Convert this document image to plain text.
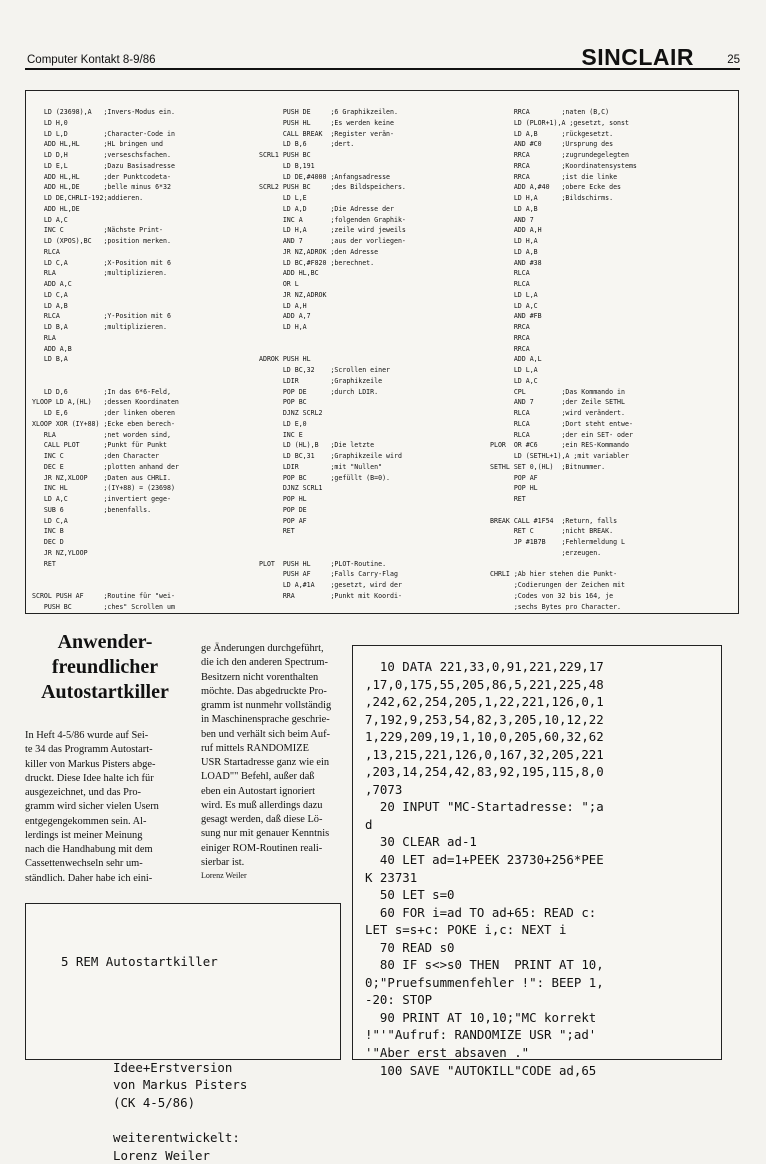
Computer Kontakt 8-9/86	SINCLAIR	25
LD (23698),A   ;Invers-Modus ein.
LD H,0
LD L,D         ;Character-Code in
ADD HL,HL      ;HL bringen und
LD D,H         ;verseschsfachen.
LD E,L         ;Dazu Basisadresse
ADD HL,HL      ;der Punktcodeta-
ADD HL,DE      ;belle minus 6*32
LD DE,CHRLI-192;addieren.
ADD HL,DE
LD A,C
INC C          ;Nächste Print-
LD (XPOS),BC   ;position merken.
RLCA
LD C,A         ;X-Position mit 6
RLA            ;multiplizieren.
ADD A,C
LD C,A
LD A,B
RLCA           ;Y-Position mit 6
LD B,A         ;multiplizieren.
RLA
ADD A,B
LD B,A
LD D,6         ;In das 6*6-Feld,
YLOOP LD A,(HL)   ;dessen Koordinaten
LD E,6         ;der linken oberen
XLOOP XOR (IY+88) ;Ecke eben berech-
RLA            ;net worden sind,
CALL PLOT      ;Punkt für Punkt
INC C          ;den Character
DEC E          ;plotten anhand der
JR NZ,XLOOP    ;Daten aus CHRLI.
INC HL         ;(IY+88) = (23698)
LD A,C         ;invertiert gege-
SUB 6          ;benenfalls.
LD C,A
INC B
DEC D
JR NZ,YLOOP
RET
SCROL PUSH AF     ;Routine für "wei-
PUSH BC        ;ches" Scrollen um
PUSH DE     ;6 Graphikzeilen.
PUSH HL     ;Es werden keine
CALL BREAK  ;Register verän-
LD B,6      ;dert.
SCRL1 PUSH BC
LD B,191
LD DE,#4000 ;Anfangsadresse
SCRL2 PUSH BC     ;des Bildspeichers.
LD L,E
LD A,D      ;Die Adresse der
INC A       ;folgenden Graphik-
LD H,A      ;zeile wird jeweils
AND 7       ;aus der vorliegen-
JR NZ,ADROK ;den Adresse
LD BC,#F820 ;berechnet.
ADD HL,BC
OR L
JR NZ,ADROK
LD A,H
ADD A,7
LD H,A
ADROK PUSH HL
LD BC,32    ;Scrollen einer
LDIR        ;Graphikzeile
POP DE      ;durch LDIR.
POP BC
DJNZ SCRL2
LD E,0
INC E
LD (HL),B   ;Die letzte
LD BC,31    ;Graphikzeile wird
LDIR        ;mit "Nullen"
POP BC      ;gefüllt (B=0).
DJNZ SCRL1
POP HL
POP DE
POP AF
RET
PLOT  PUSH HL     ;PLOT-Routine.
PUSH AF     ;Falls Carry-Flag
LD A,#1A    ;gesetzt, wird der
RRA         ;Punkt mit Koordi-
RRCA        ;naten (B,C)
LD (PLOR+1),A ;gesetzt, sonst
LD A,B      ;rückgesetzt.
AND #C0     ;Ursprung des
RRCA        ;zugrundegelegten
RRCA        ;Koordinatensystems
RRCA        ;ist die linke
ADD A,#40   ;obere Ecke des
LD H,A      ;Bildschirms.
LD A,B
AND 7
ADD A,H
LD H,A
LD A,B
AND #38
RLCA
RLCA
LD L,A
LD A,C
AND #FB
RRCA
RRCA
RRCA
ADD A,L
LD L,A
LD A,C
CPL         ;Das Kommando in
AND 7       ;der Zeile SETHL
RLCA        ;wird verändert.
RLCA        ;Dort steht entwe-
RLCA        ;der ein SET- oder
PLOR  OR #C6      ;ein RES-Kommando
LD (SETHL+1),A ;mit variabler
SETHL SET 0,(HL)  ;Bitnummer.
POP AF
POP HL
RET
BREAK CALL #1F54  ;Return, falls
RET C       ;nicht BREAK.
JP #1B7B    ;Fehlermeldung L
;erzeugen.
CHRLI ;Ab hier stehen die Punkt-
;Codierungen der Zeichen mit
;Codes von 32 bis 164, je
;sechs Bytes pro Character.
Anwender-
freundlicher
Autostartkiller
In Heft 4-5/86 wurde auf Sei-
te 34 das Programm Autostart-
killer von Markus Pisters abge-
druckt. Diese Idee halte ich für
ausgezeichnet, und das Pro-
gramm wird sicher vielen Usern
entgegengekommen sein. Al-
lerdings ist meiner Meinung
nach die Handhabung mit dem
Cassettenwechseln sehr um-
ständlich. Daher habe ich eini-
ge Änderungen durchgeführt,
die ich den anderen Spectrum-
Besitzern nicht vorenthalten
möchte. Das abgedruckte Pro-
gramm ist nunmehr vollständig
in Maschinensprache geschrie-
ben und verhält sich beim Auf-
ruf mittels RANDOMIZE
USR Startadresse ganz wie ein
LOAD"" Befehl, außer daß
eben ein Autostart ignoriert
wird. Es muß allerdings dazu
gesagt werden, daß diese Lö-
sung nur mit genauer Kenntnis
einiger ROM-Routinen reali-
sierbar ist.
Lorenz Weiler
10 DATA 221,33,0,91,221,229,17
,17,0,175,55,205,86,5,221,225,48
,242,62,254,205,1,22,221,126,0,1
7,192,9,253,54,82,3,205,10,12,22
1,229,209,19,1,10,0,205,60,32,62
,13,215,221,126,0,167,32,205,221
,203,14,254,42,83,92,195,115,8,0
,7073
20 INPUT "MC-Startadresse: ";a
d
30 CLEAR ad-1
40 LET ad=1+PEEK 23730+256*PEE
K 23731
50 LET s=0
60 FOR i=ad TO ad+65: READ c:
LET s=s+c: POKE i,c: NEXT i
70 READ s0
80 IF s<>s0 THEN  PRINT AT 10,
0;"Pruefsummenfehler !": BEEP 1,
-20: STOP
90 PRINT AT 10,10;"MC korrekt
!"'"Aufruf: RANDOMIZE USR ";ad'
'"Aber erst absaven ."
100 SAVE "AUTOKILL"CODE ad,65

5 REM Autostartkiller

Idee+Erstversion
von Markus Pisters
(CK 4-5/86)
weiterentwickelt:
Lorenz Weiler
